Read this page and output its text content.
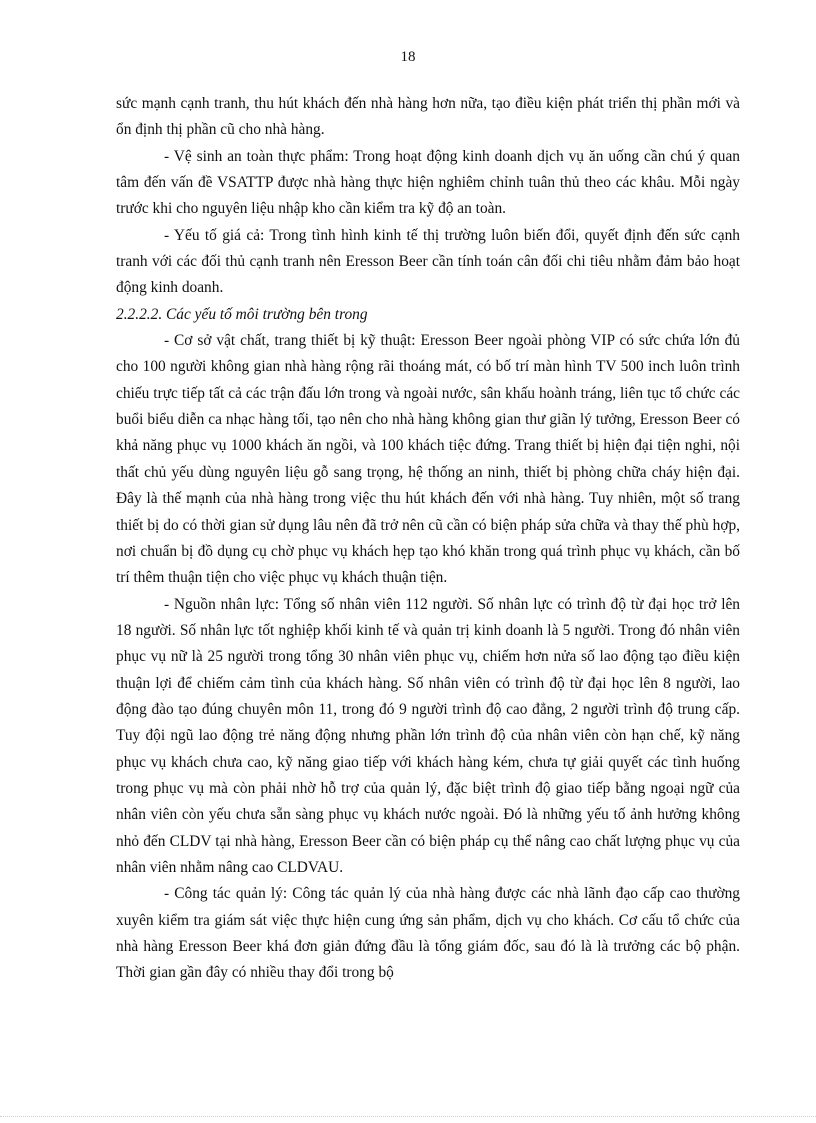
18

sức mạnh cạnh tranh, thu hút khách đến nhà hàng hơn nữa, tạo điều kiện phát triển thị phần mới và ổn định thị phần cũ cho nhà hàng.

- Vệ sinh an toàn thực phẩm: Trong hoạt động kinh doanh dịch vụ ăn uống cần chú ý quan tâm đến vấn đề VSATTP được nhà hàng thực hiện nghiêm chỉnh tuân thủ theo các khâu. Mỗi ngày trước khi cho nguyên liệu nhập kho cần kiểm tra kỹ độ an toàn.

- Yếu tố giá cả: Trong tình hình kinh tế thị trường luôn biến đổi, quyết định đến sức cạnh tranh với các đối thủ cạnh tranh nên Eresson Beer cần tính toán cân đối chi tiêu nhằm đảm bảo hoạt động kinh doanh.

2.2.2.2. Các yếu tố môi trường bên trong

- Cơ sở vật chất, trang thiết bị kỹ thuật: Eresson Beer ngoài phòng VIP có sức chứa lớn đủ cho 100 người không gian nhà hàng rộng rãi thoáng mát, có bố trí màn hình TV 500 inch luôn trình chiếu trực tiếp tất cả các trận đấu lớn trong và ngoài nước, sân khấu hoành tráng, liên tục tổ chức các buổi biểu diễn ca nhạc hàng tối, tạo nên cho nhà hàng không gian thư giãn lý tưởng, Eresson Beer có khả năng phục vụ 1000 khách ăn ngồi, và 100 khách tiệc đứng. Trang thiết bị hiện đại tiện nghi, nội thất chủ yếu dùng nguyên liệu gỗ sang trọng, hệ thống an ninh, thiết bị phòng chữa cháy hiện đại. Đây là thế mạnh của nhà hàng trong việc thu hút khách đến với nhà hàng. Tuy nhiên, một số trang thiết bị do có thời gian sử dụng lâu nên đã trở nên cũ cần có biện pháp sửa chữa và thay thế phù hợp, nơi chuẩn bị đồ dụng cụ chờ phục vụ khách hẹp tạo khó khăn trong quá trình phục vụ khách, cần bố trí thêm thuận tiện cho việc phục vụ khách thuận tiện.

- Nguồn nhân lực: Tổng số nhân viên 112 người. Số nhân lực có trình độ từ đại học trở lên 18 người. Số nhân lực tốt nghiệp khối kinh tế và quản trị kinh doanh là 5 người. Trong đó nhân viên phục vụ nữ là 25 người trong tổng 30 nhân viên phục vụ, chiếm hơn nửa số lao động tạo điều kiện thuận lợi để chiếm cảm tình của khách hàng. Số nhân viên có trình độ từ đại học lên 8 người, lao động đào tạo đúng chuyên môn 11, trong đó 9 người trình độ cao đẳng, 2 người trình độ trung cấp. Tuy đội ngũ lao động trẻ năng động nhưng phần lớn trình độ của nhân viên còn hạn chế, kỹ năng phục vụ khách chưa cao, kỹ năng giao tiếp với khách hàng kém, chưa tự giải quyết các tình huống trong phục vụ mà còn phải nhờ hỗ trợ của quản lý, đặc biệt trình độ giao tiếp bằng ngoại ngữ của nhân viên còn yếu chưa sẵn sàng phục vụ khách nước ngoài. Đó là những yếu tố ảnh hưởng không nhỏ đến CLDV tại nhà hàng, Eresson Beer cần có biện pháp cụ thể nâng cao chất lượng phục vụ của nhân viên nhằm nâng cao CLDVAU.

- Công tác quản lý: Công tác quản lý của nhà hàng được các nhà lãnh đạo cấp cao thường xuyên kiểm tra giám sát việc thực hiện cung ứng sản phẩm, dịch vụ cho khách. Cơ cấu tổ chức của nhà hàng Eresson Beer khá đơn giản đứng đầu là tổng giám đốc, sau đó là là trưởng các bộ phận. Thời gian gần đây có nhiều thay đổi trong bộ
